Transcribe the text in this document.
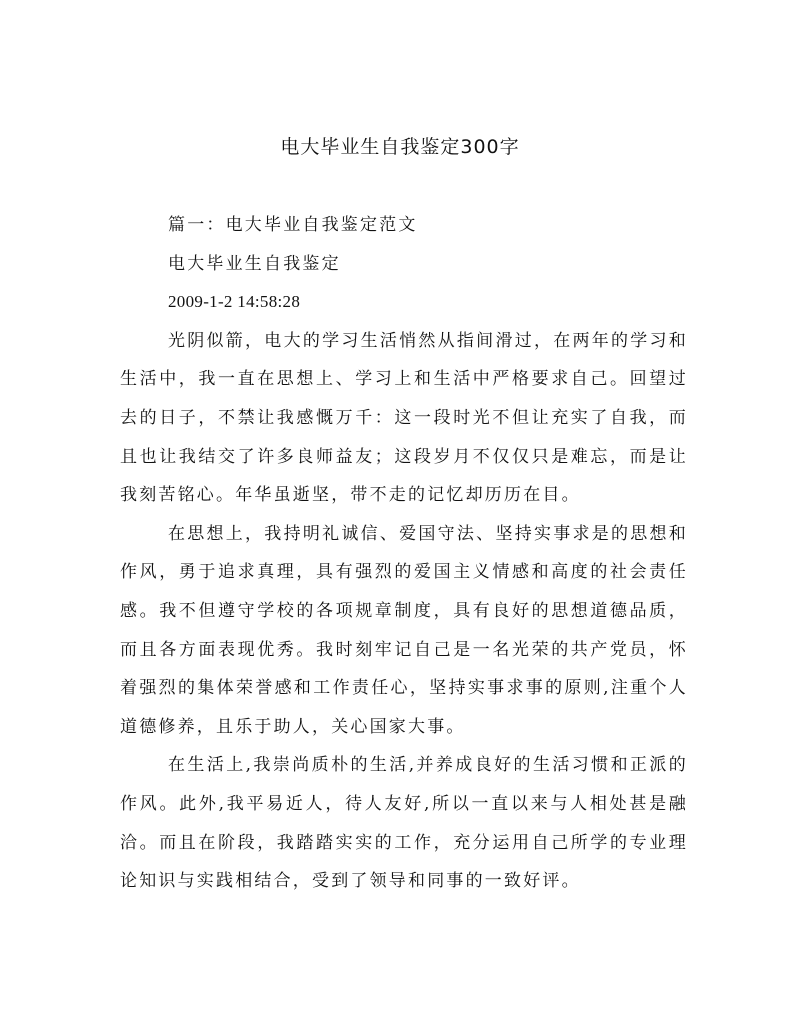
电大毕业生自我鉴定300字

篇一：电大毕业自我鉴定范文

电大毕业生自我鉴定

2009-1-2 14:58:28

光阴似箭，电大的学习生活悄然从指间滑过，在两年的学习和生活中，我一直在思想上、学习上和生活中严格要求自己。回望过去的日子，不禁让我感慨万千：这一段时光不但让充实了自我，而且也让我结交了许多良师益友；这段岁月不仅仅只是难忘，而是让我刻苦铭心。年华虽逝坚，带不走的记忆却历历在目。

在思想上，我持明礼诚信、爱国守法、坚持实事求是的思想和作风，勇于追求真理，具有强烈的爱国主义情感和高度的社会责任感。我不但遵守学校的各项规章制度，具有良好的思想道德品质，而且各方面表现优秀。我时刻牢记自己是一名光荣的共产党员，怀着强烈的集体荣誉感和工作责任心，坚持实事求事的原则,注重个人道德修养，且乐于助人，关心国家大事。

在生活上,我崇尚质朴的生活,并养成良好的生活习惯和正派的作风。此外,我平易近人，待人友好,所以一直以来与人相处甚是融洽。而且在阶段，我踏踏实实的工作，充分运用自己所学的专业理论知识与实践相结合，受到了领导和同事的一致好评。
